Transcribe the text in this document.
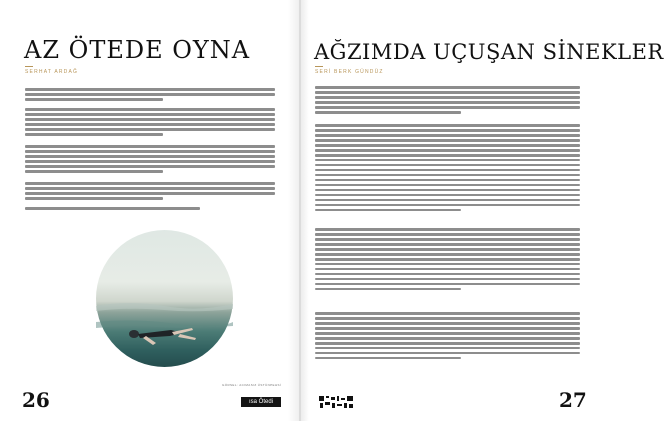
AZ ÖTEDE OYNA
SERHAT ARDAĞ
GÖRSEL: ACIMASIZ ÜSTÜNPEHSİ
26
AĞZIMDA UÇUŞAN SİNEKLER
SERİ BERK GÜNDÜZ
27
ısa Ötedi
